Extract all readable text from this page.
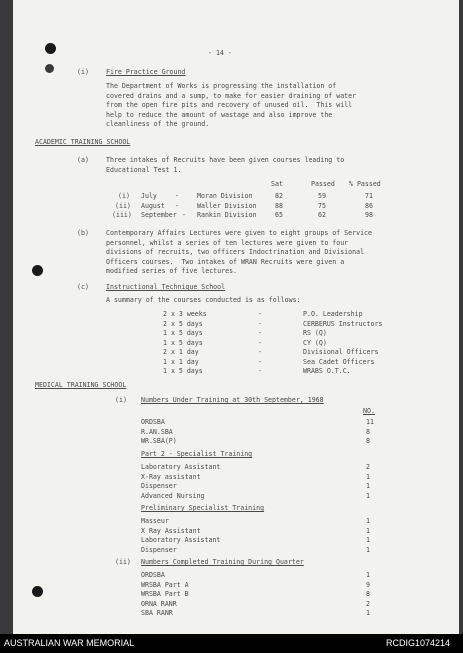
- 14 -
(i)	Fire Practice Ground
The Department of Works is progressing the installation of
covered drains and a sump, to make for easier draining of water
from the open fire pits and recovery of unused oil.  This will
help to reduce the amount of wastage and also improve the
cleanliness of the ground.
ACADEMIC TRAINING SCHOOL
(a)	Three intakes of Recruits have been given courses leading to
Educational Test 1.
Sat	Passed % Passed
(i) July	-	Moran Division	82	59	71
(ii) August -	Waller Division	88	75	86
(iii) September - Rankin Division	65	62	98
(b)	Contemporary Affairs Lectures were given to eight groups of Service
personnel, whilst a series of ten lectures were given to four
divisions of recruits, two officers Indoctrination and Divisional
Officers courses.  Two intakes of WRAN Recruits were given a
modified series of five lectures.
(c)	Instructional Technique School
A summary of the courses conducted is as follows:
2 x 3 weeks	-	P.O. Leadership
2 x 5 days	-	CERBERUS Instructors
1 x 5 days	-	RS (Q)
1 x 5 days	-	CY (Q)
2 x 1 day	-	Divisional Officers
1 x 1 day	-	Sea Cadet Officers
1 x 5 days	-	WRABS O.T.C.
MEDICAL TRAINING SCHOOL
(i) Numbers Under Training at 30th September, 1968
NO.
ORDSBA	11
R.AN.SBA	8
WR.SBA(P)	8
Part 2 - Specialist Training
Laboratory Assistant	2
X-Ray assistant	1
Dispenser	1
Advanced Nursing	1
Preliminary Specialist Training
Masseur	1
X Ray Assistant	1
Laboratory Assistant	1
Dispenser	1
(ii) Numbers Completed Training During Quarter
ORDSBA	1
WRSBA Part A	9
WRSBA Part B	8
ORNA RANR	2
SBA RANR	1
AUSTRALIAN WAR MEMORIAL	RCDIG1074214
